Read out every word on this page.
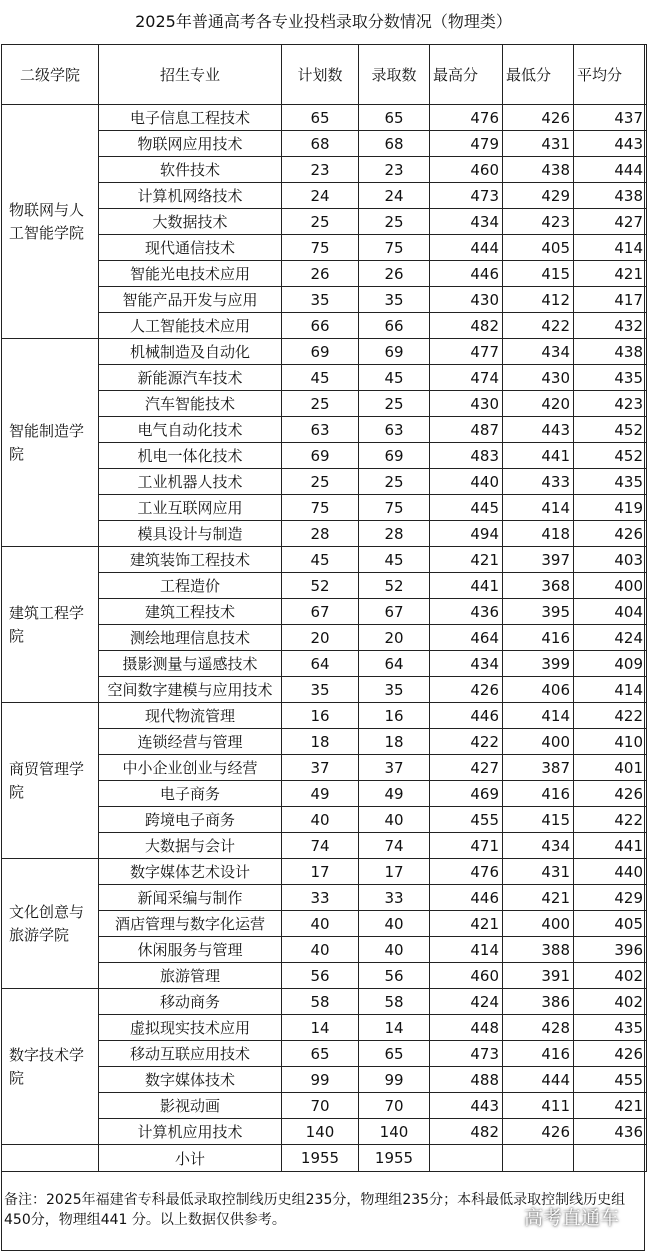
2025年普通高考各专业投档录取分数情况（物理类）
二级学院	招生专业	计划数	录取数	最高分	最低分	平均分
物联网与人工智能学院	电子信息工程技术	65	65	476	426	437
	物联网应用技术	68	68	479	431	443
	软件技术	23	23	460	438	444
	计算机网络技术	24	24	473	429	438
	大数据技术	25	25	434	423	427
	现代通信技术	75	75	444	405	414
	智能光电技术应用	26	26	446	415	421
	智能产品开发与应用	35	35	430	412	417
	人工智能技术应用	66	66	482	422	432
智能制造学院	机械制造及自动化	69	69	477	434	438
	新能源汽车技术	45	45	474	430	435
	汽车智能技术	25	25	430	420	423
	电气自动化技术	63	63	487	443	452
	机电一体化技术	69	69	483	441	452
	工业机器人技术	25	25	440	433	435
	工业互联网应用	75	75	445	414	419
	模具设计与制造	28	28	494	418	426
建筑工程学院	建筑装饰工程技术	45	45	421	397	403
	工程造价	52	52	441	368	400
	建筑工程技术	67	67	436	395	404
	测绘地理信息技术	20	20	464	416	424
	摄影测量与遥感技术	64	64	434	399	409
	空间数字建模与应用技术	35	35	426	406	414
商贸管理学院	现代物流管理	16	16	446	414	422
	连锁经营与管理	18	18	422	400	410
	中小企业创业与经营	37	37	427	387	401
	电子商务	49	49	469	416	426
	跨境电子商务	40	40	455	415	422
	大数据与会计	74	74	471	434	441
文化创意与旅游学院	数字媒体艺术设计	17	17	476	431	440
	新闻采编与制作	33	33	446	421	429
	酒店管理与数字化运营	40	40	421	400	405
	休闲服务与管理	40	40	414	388	396
	旅游管理	56	56	460	391	402
数字技术学院	移动商务	58	58	424	386	402
	虚拟现实技术应用	14	14	448	428	435
	移动互联应用技术	65	65	473	416	426
	数字媒体技术	99	99	488	444	455
	影视动画	70	70	443	411	421
	计算机应用技术	140	140	482	426	436
	小计	1955	1955			
备注：2025年福建省专科最低录取控制线历史组235分，物理组235分；本科最低录取控制线历史组　450分，物理组441 分。以上数据仅供参考。	高考直通车
